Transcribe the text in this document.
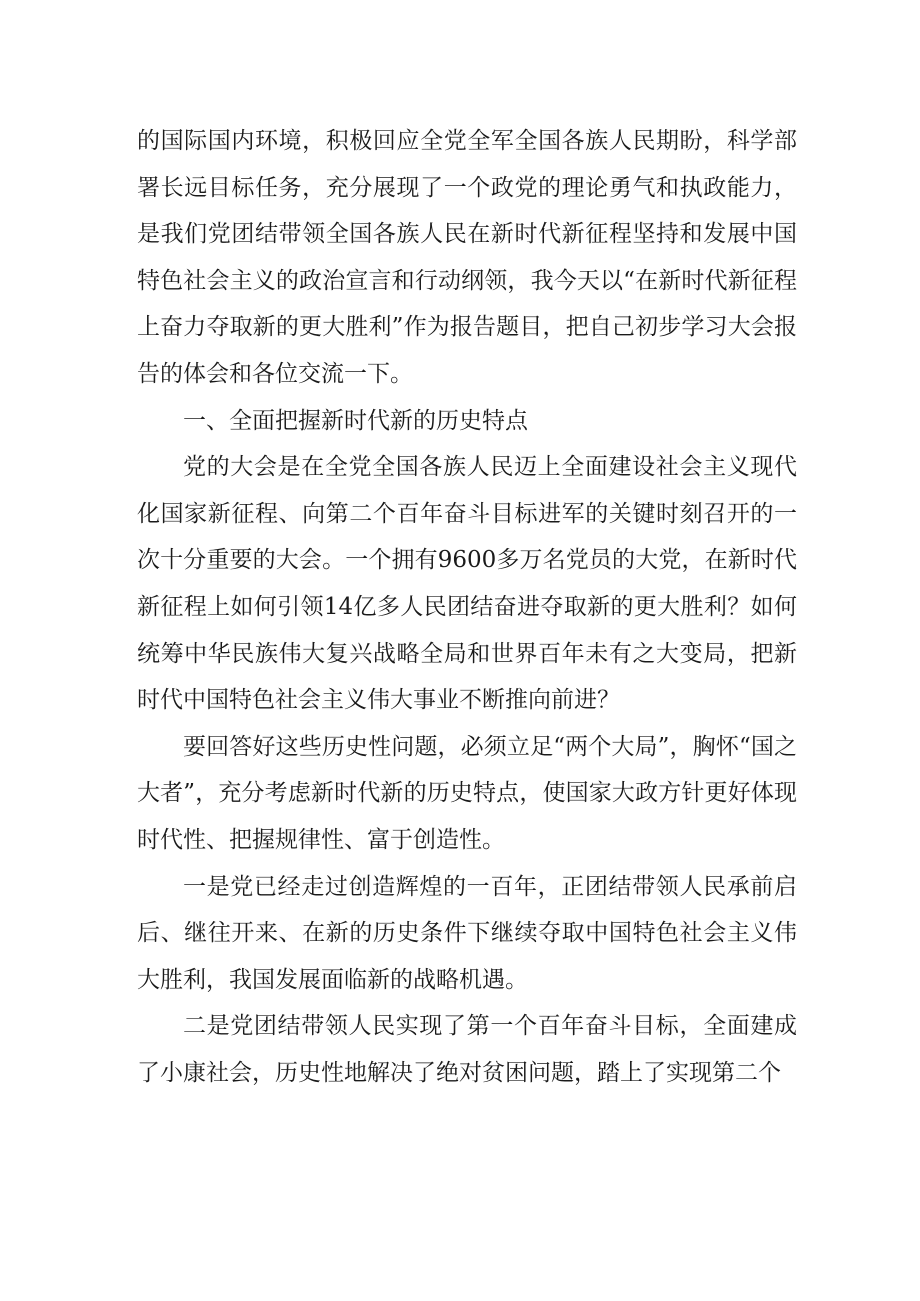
的国际国内环境，积极回应全党全军全国各族人民期盼，科学部署长远目标任务，充分展现了一个政党的理论勇气和执政能力，是我们党团结带领全国各族人民在新时代新征程坚持和发展中国特色社会主义的政治宣言和行动纲领，我今天以“在新时代新征程上奋力夺取新的更大胜利”作为报告题目，把自己初步学习大会报告的体会和各位交流一下。

一、全面把握新时代新的历史特点

党的大会是在全党全国各族人民迈上全面建设社会主义现代化国家新征程、向第二个百年奋斗目标进军的关键时刻召开的一次十分重要的大会。一个拥有9600多万名党员的大党，在新时代新征程上如何引领14亿多人民团结奋进夺取新的更大胜利？如何统筹中华民族伟大复兴战略全局和世界百年未有之大变局，把新时代中国特色社会主义伟大事业不断推向前进？

要回答好这些历史性问题，必须立足“两个大局”，胸怀“国之大者”，充分考虑新时代新的历史特点，使国家大政方针更好体现时代性、把握规律性、富于创造性。

一是党已经走过创造辉煌的一百年，正团结带领人民承前启后、继往开来、在新的历史条件下继续夺取中国特色社会主义伟大胜利，我国发展面临新的战略机遇。

二是党团结带领人民实现了第一个百年奋斗目标，全面建成了小康社会，历史性地解决了绝对贫困问题，踏上了实现第二个
